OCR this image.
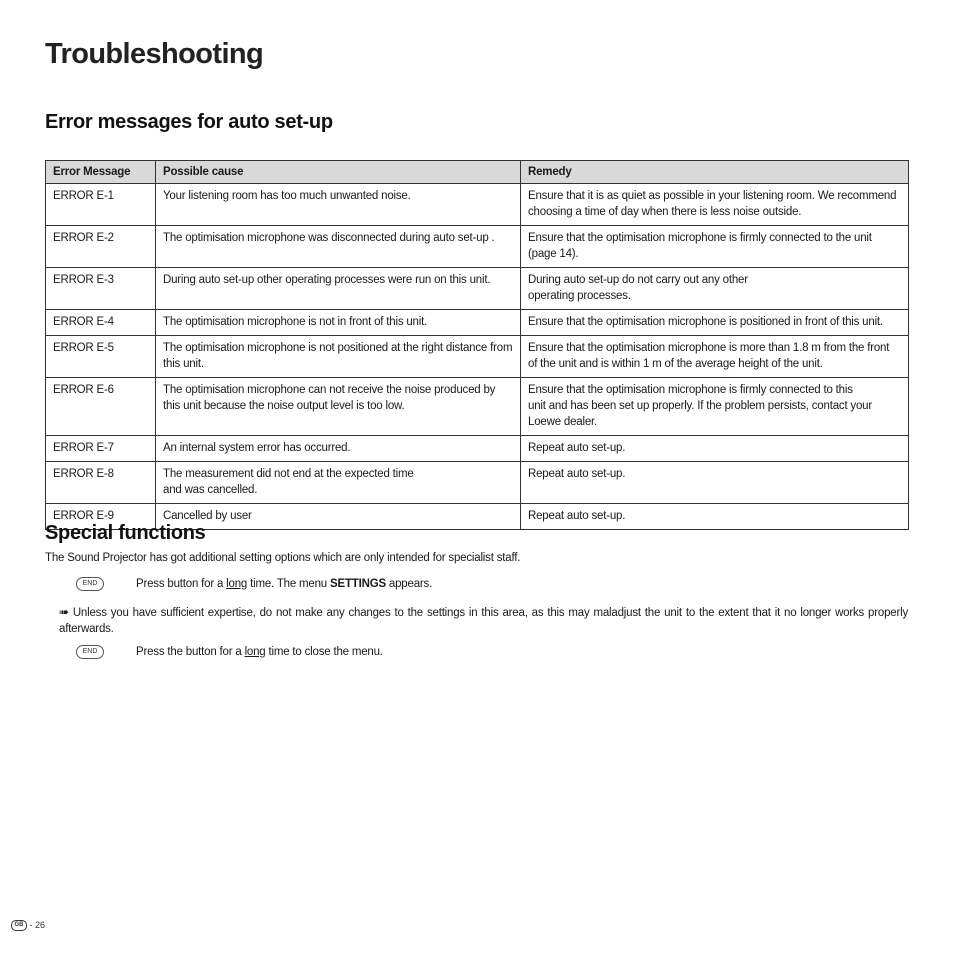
Troubleshooting
Error messages for auto set-up
Error Message	Possible cause	Remedy
ERROR E-1	Your listening room has too much unwanted noise.	Ensure that it is as quiet as possible in your listening room. We recommend choosing a time of day when there is less noise outside.
ERROR E-2	The optimisation microphone was disconnected during auto set-up .	Ensure that the optimisation microphone is firmly connected to the unit (page 14).
ERROR E-3	During auto set-up other operating processes were run on this unit.	During auto set-up do not carry out any other
operating processes.
ERROR E-4	The optimisation microphone is not in front of this unit.	Ensure that the optimisation microphone is positioned in front of this unit.
ERROR E-5	The optimisation microphone is not positioned at the right distance from this unit.	Ensure that the optimisation microphone is more than 1.8 m from the front of the unit and is within 1 m of the average height of the unit.
ERROR E-6	The optimisation microphone can not receive the noise produced by this unit because the noise output level is too low.	Ensure that the optimisation microphone is firmly connected to this
unit and has been set up properly. If the problem persists, contact your Loewe dealer.
ERROR E-7	An internal system error has occurred.	Repeat auto set-up.
ERROR E-8	The measurement did not end at the expected time
and was cancelled.	Repeat auto set-up.
ERROR E-9	Cancelled by user	Repeat auto set-up.
Special functions

The Sound Projector has got additional setting options which are only intended for specialist staff.

END	Press button for a long time. The menu SETTINGS appears.

➠ Unless you have sufficient expertise, do not make any changes to the settings in this area, as this may maladjust the unit to the extent that it no longer works properly afterwards.

END	Press the button for a long time to close the menu.

GB - 26
